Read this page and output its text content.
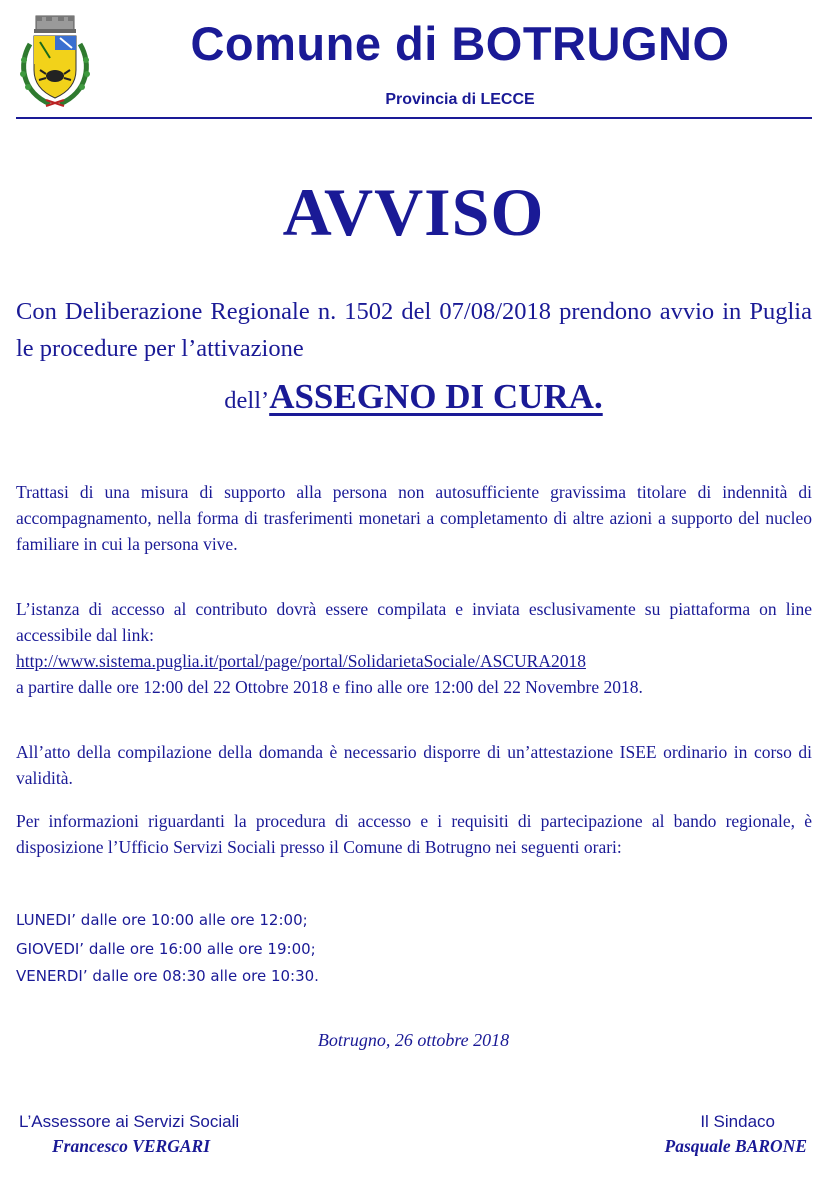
Comune di BOTRUGNO
Provincia di LECCE
AVVISO
Con Deliberazione Regionale n. 1502 del 07/08/2018 prendono avvio in Puglia le procedure per l’attivazione
dell’ASSEGNO DI CURA.
Trattasi di una misura di supporto alla persona non autosufficiente gravissima titolare di indennità di accompagnamento, nella forma di trasferimenti monetari a completamento di altre azioni a supporto del nucleo familiare in cui la persona vive.
L’istanza di accesso al contributo dovrà essere compilata e inviata esclusivamente su piattaforma on line accessibile dal link:
http://www.sistema.puglia.it/portal/page/portal/SolidarietaSociale/ASCURA2018
a partire dalle ore 12:00 del 22 Ottobre 2018 e fino alle ore 12:00 del 22 Novembre 2018.
All’atto della compilazione della domanda è necessario disporre di un’attestazione ISEE ordinario in corso di validità.
Per informazioni riguardanti la procedura di accesso e i requisiti di partecipazione al bando regionale, è disposizione l’Ufficio Servizi Sociali presso il Comune di Botrugno nei seguenti orari:
LUNEDI’ dalle ore 10:00 alle ore 12:00;
GIOVEDI’ dalle ore 16:00 alle ore 19:00;
VENERDI’ dalle ore 08:30 alle ore 10:30.
Botrugno, 26 ottobre 2018
L’Assessore ai Servizi Sociali
Francesco VERGARI
Il Sindaco
Pasquale BARONE
